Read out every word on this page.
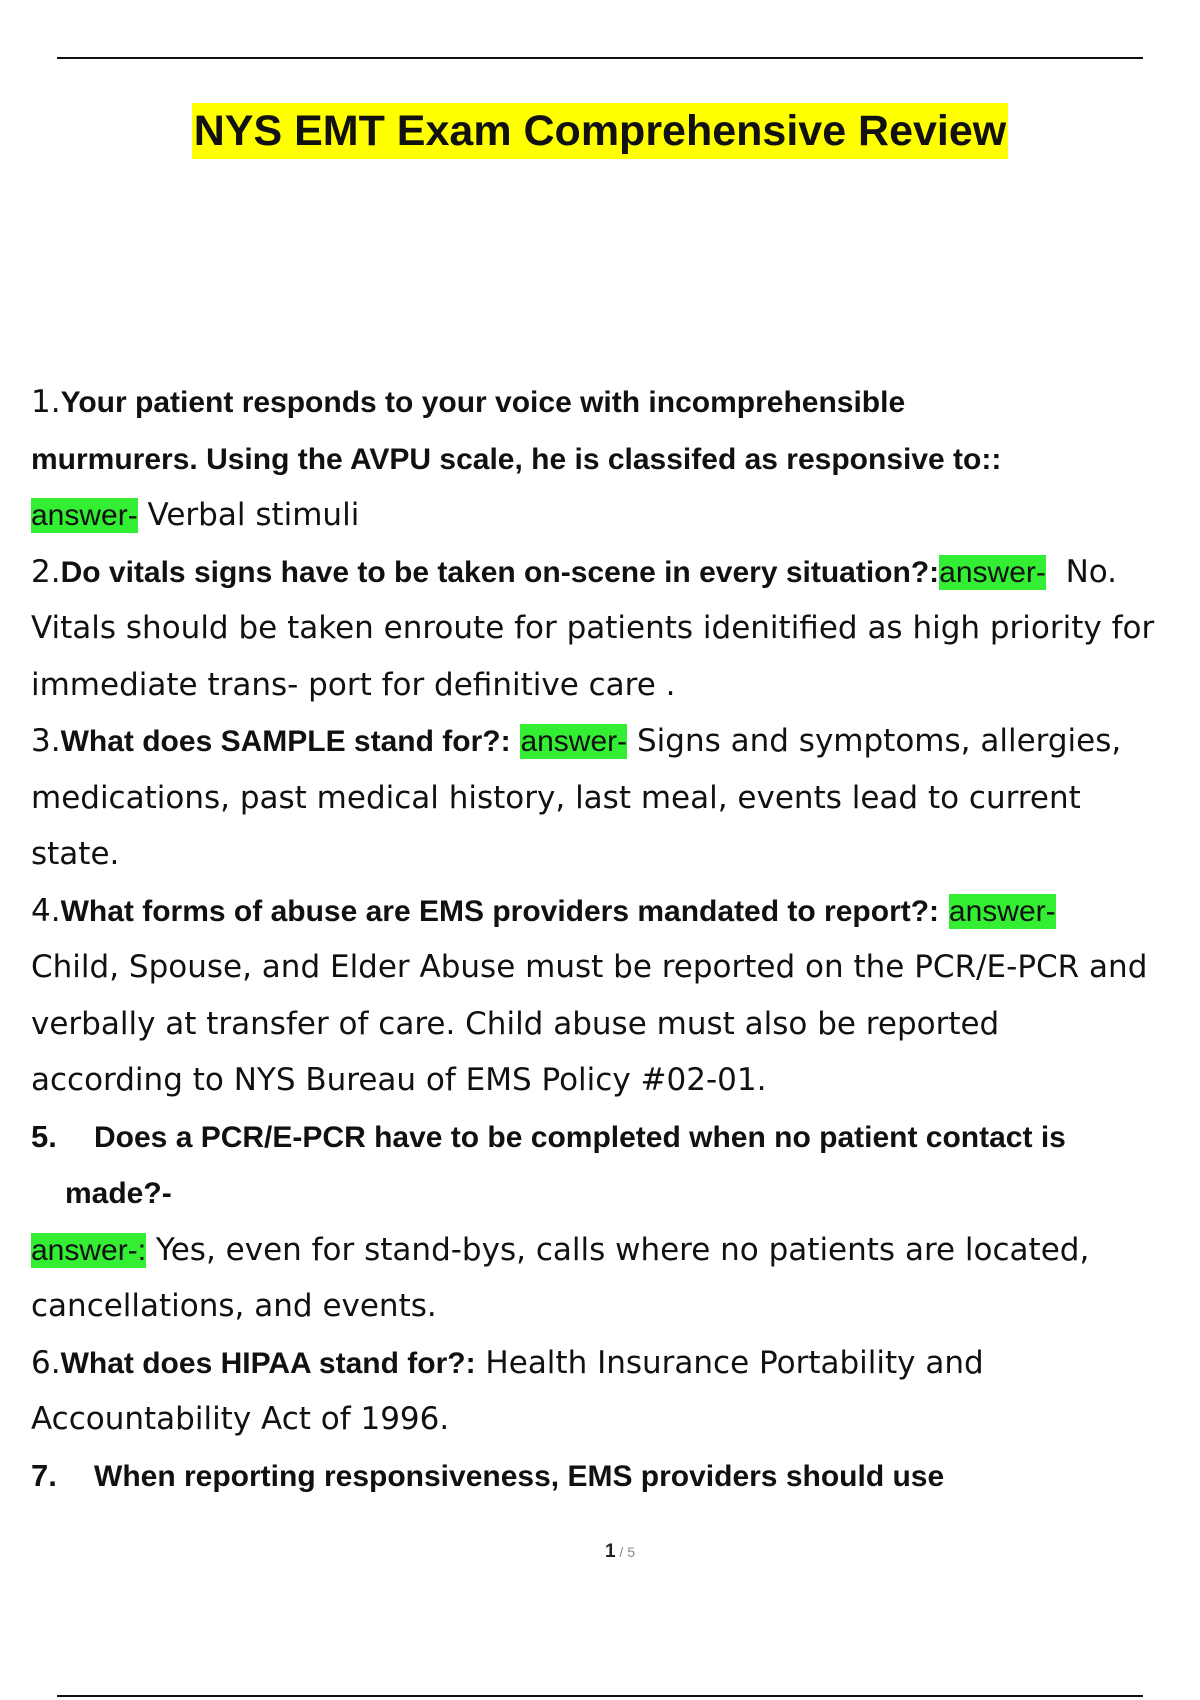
NYS EMT Exam Comprehensive Review
1.Your patient responds to your voice with incomprehensible
murmurers. Using the AVPU scale, he is classifed as responsive to::
answer- Verbal stimuli
2.Do vitals signs have to be taken on-scene in every situation?:answer-  No.
Vitals should be taken enroute for patients idenitified as high priority for
immediate trans- port for definitive care .
3.What does SAMPLE stand for?: answer- Signs and symptoms, allergies,
medications, past medical history, last meal, events lead to current
state.
4.What forms of abuse are EMS providers mandated to report?: answer-
Child, Spouse, and Elder Abuse must be reported on the PCR/E-PCR and
verbally at transfer of care. Child abuse must also be reported
according to NYS Bureau of EMS Policy #02-01.
5. Does a PCR/E-PCR have to be completed when no patient contact is
made?-
answer-: Yes, even for stand-bys, calls where no patients are located,
cancellations, and events.
6.What does HIPAA stand for?: Health Insurance Portability and
Accountability Act of 1996.
7. When reporting responsiveness, EMS providers should use
1 / 5
